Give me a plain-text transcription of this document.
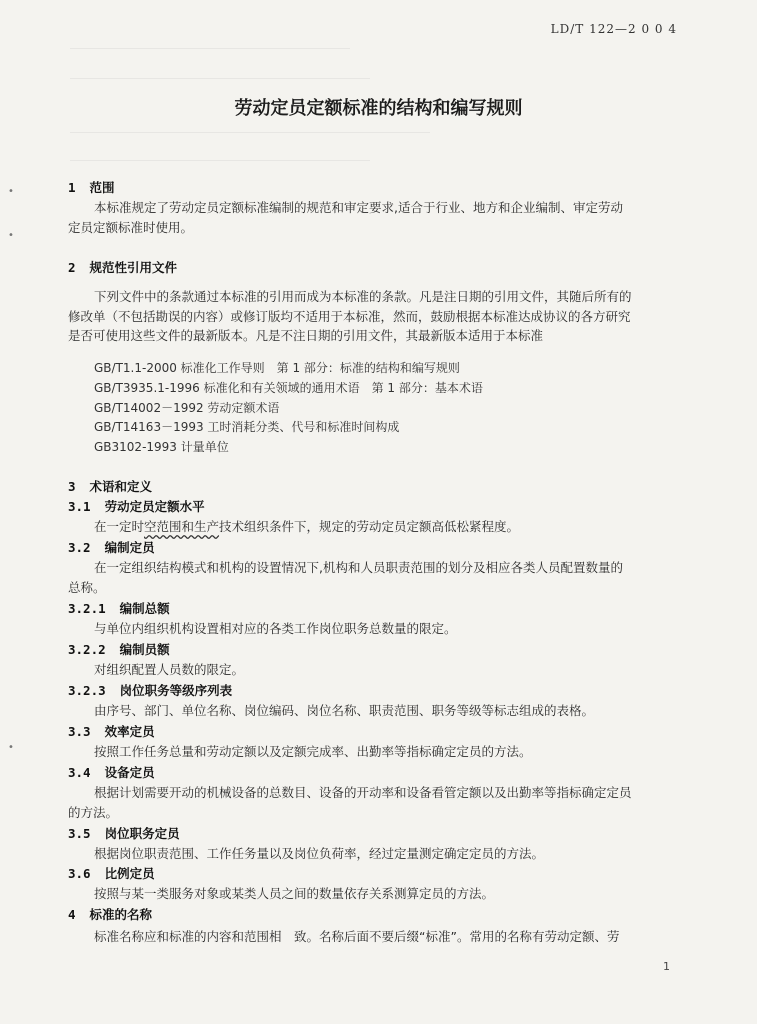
LD/T 122—2 0 0 4
劳动定员定额标准的结构和编写规则
1 范围
本标准规定了劳动定员定额标准编制的规范和审定要求,适合于行业、地方和企业编制、审定劳动
定员定额标准时使用。
2 规范性引用文件
下列文件中的条款通过本标准的引用而成为本标准的条款。凡是注日期的引用文件，其随后所有的
修改单（不包括勘误的内容）或修订版均不适用于本标准，然而，鼓励根据本标准达成协议的各方研究
是否可使用这些文件的最新版本。凡是不注日期的引用文件，其最新版本适用于本标准
GB/T1.1-2000 标准化工作导则　第 1 部分：标准的结构和编写规则
GB/T3935.1-1996 标准化和有关领域的通用术语　第 1 部分：基本术语
GB/T14002－1992 劳动定额术语
GB/T14163－1993 工时消耗分类、代号和标准时间构成
GB3102-1993 计量单位
3 术语和定义
3.1 劳动定员定额水平
在一定时空范围和生产技术组织条件下，规定的劳动定员定额高低松紧程度。
3.2 编制定员
在一定组织结构模式和机构的设置情况下,机构和人员职责范围的划分及相应各类人员配置数量的
总称。
3.2.1 编制总额
与单位内组织机构设置相对应的各类工作岗位职务总数量的限定。
3.2.2 编制员额
对组织配置人员数的限定。
3.2.3 岗位职务等级序列表
由序号、部门、单位名称、岗位编码、岗位名称、职责范围、职务等级等标志组成的表格。
3.3 效率定员
按照工作任务总量和劳动定额以及定额完成率、出勤率等指标确定定员的方法。
3.4 设备定员
根据计划需要开动的机械设备的总数目、设备的开动率和设备看管定额以及出勤率等指标确定定员
的方法。
3.5 岗位职务定员
根据岗位职责范围、工作任务量以及岗位负荷率，经过定量测定确定定员的方法。
3.6 比例定员
按照与某一类服务对象或某类人员之间的数量依存关系测算定员的方法。
4 标准的名称
标准名称应和标准的内容和范围相　致。名称后面不要后缀“标准”。常用的名称有劳动定额、劳
1
•
•
•
